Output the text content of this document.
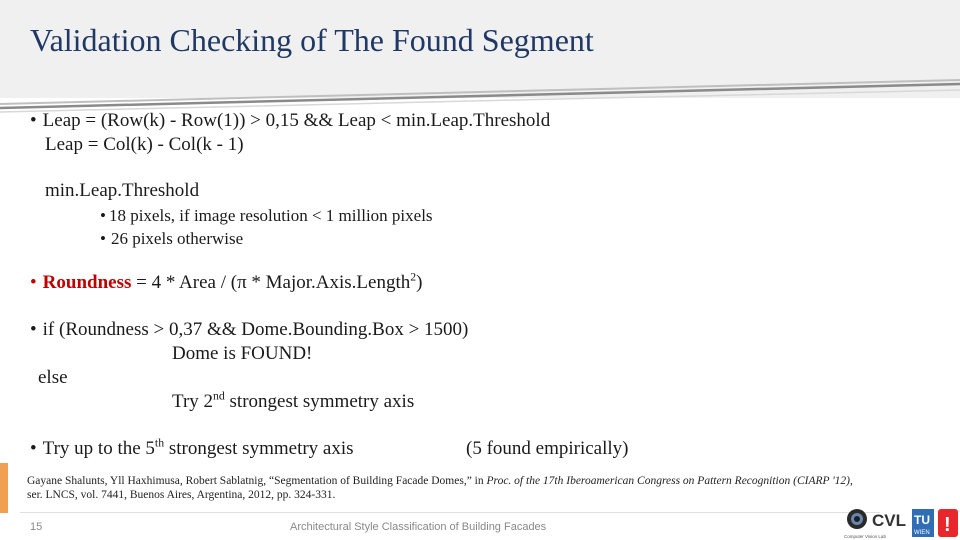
Validation Checking of The Found Segment
• Leap = (Row(k) - Row(1)) > 0,15 && Leap < min.Leap.Threshold
Leap = Col(k) - Col(k - 1)
min.Leap.Threshold
• 18 pixels, if image resolution < 1 million pixels
• 26 pixels otherwise
• Roundness = 4 * Area / (π * Major.Axis.Length$^2$)
• if (Roundness > 0,37 && Dome.Bounding.Box > 1500)
Dome is FOUND!
else
Try 2nd strongest symmetry axis
• Try up to the 5th strongest symmetry axis	(5 found empirically)
Gayane Shalunts, Yll Haxhimusa, Robert Sablatnig, “Segmentation of Building Facade Domes,” in Proc. of the 17th Iberoamerican Congress on Pattern Recognition (CIARP '12),
ser. LNCS, vol. 7441, Buenos Aires, Argentina, 2012, pp. 324-331.
15	Architectural Style Classification of Building Facades	CVL TU
WIEN !
Computer Vision Lab
